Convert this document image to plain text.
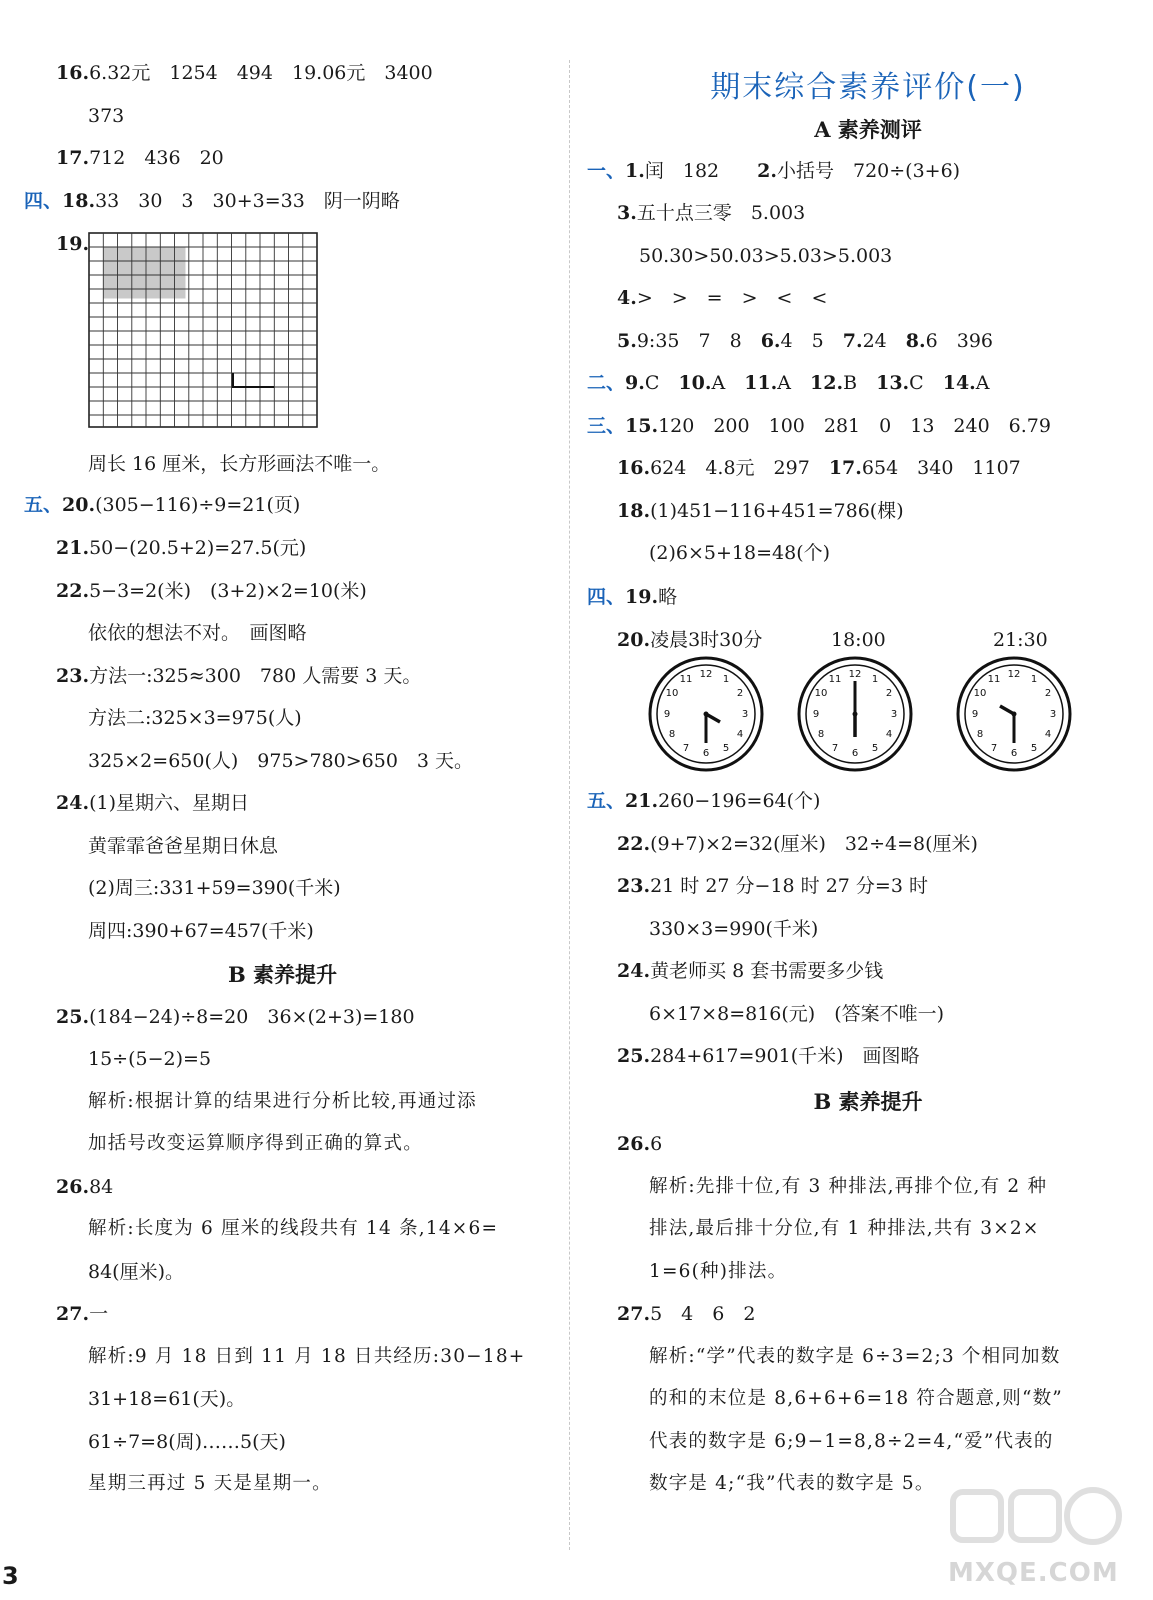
16.6.32元　1254　494　19.06元　3400
373
17.712　436　20
四、18.33　30　3　30+3=33　阴一阴略
19.
周长 16 厘米，长方形画法不唯一。
五、20.(305−116)÷9=21(页)
21.50−(20.5+2)=27.5(元)
22.5−3=2(米)　(3+2)×2=10(米)
依依的想法不对。　画图略
23.方法一:325≈300　780 人需要 3 天。
方法二:325×3=975(人)
325×2=650(人)　975>780>650　3 天。
24.(1)星期六、星期日
黄霏霏爸爸星期日休息
(2)周三:331+59=390(千米)
周四:390+67=457(千米)
B 素养提升
25.(184−24)÷8=20　36×(2+3)=180
15÷(5−2)=5
解析:根据计算的结果进行分析比较,再通过添
加括号改变运算顺序得到正确的算式。
26.84
解析:长度为 6 厘米的线段共有 14 条,14×6=
84(厘米)。
27.一
解析:9 月 18 日到 11 月 18 日共经历:30−18+
31+18=61(天)。
61÷7=8(周)……5(天)
星期三再过 5 天是星期一。
3
期末综合素养评价(一)
A 素养测评
一、1.闰　182　　 2.小括号　720÷(3+6)
3.五十点三零　5.003
50.30>50.03>5.03>5.003
4.>　>　=　>　<　<
5.9:35　7　8　 6.4　5　 7.24　 8.6　396
二、9.C　 10.A　 11.A　 12.B　 13.C　 14.A
三、15.120　200　100　281　0　13　240　6.79
16.624　4.8元　297　 17.654　340　1107
18.(1)451−116+451=786(棵)
(2)6×5+18=48(个)
四、19.略
20.凌晨3时30分	18:00	21:30
12 1
2
3
4
5
6
7
8
9
10
11	12 1
2
3
4
5
6
7
8
9
10
11	12 1
2
3
4
5
6
7
8
9
10
11
五、21.260−196=64(个)
22.(9+7)×2=32(厘米)　32÷4=8(厘米)
23.21 时 27 分−18 时 27 分=3 时
330×3=990(千米)
24.黄老师买 8 套书需要多少钱
6×17×8=816(元)　(答案不唯一)
25.284+617=901(千米)　画图略
B 素养提升
26.6
解析:先排十位,有 3 种排法,再排个位,有 2 种
排法,最后排十分位,有 1 种排法,共有 3×2×
1=6(种)排法。
27.5　4　6　2
解析:“学”代表的数字是 6÷3=2;3 个相同加数
的和的末位是 8,6+6+6=18 符合题意,则“数”
代表的数字是 6;9−1=8,8÷2=4,“爱”代表的
数字是 4;“我”代表的数字是 5。
MXQE.COM
